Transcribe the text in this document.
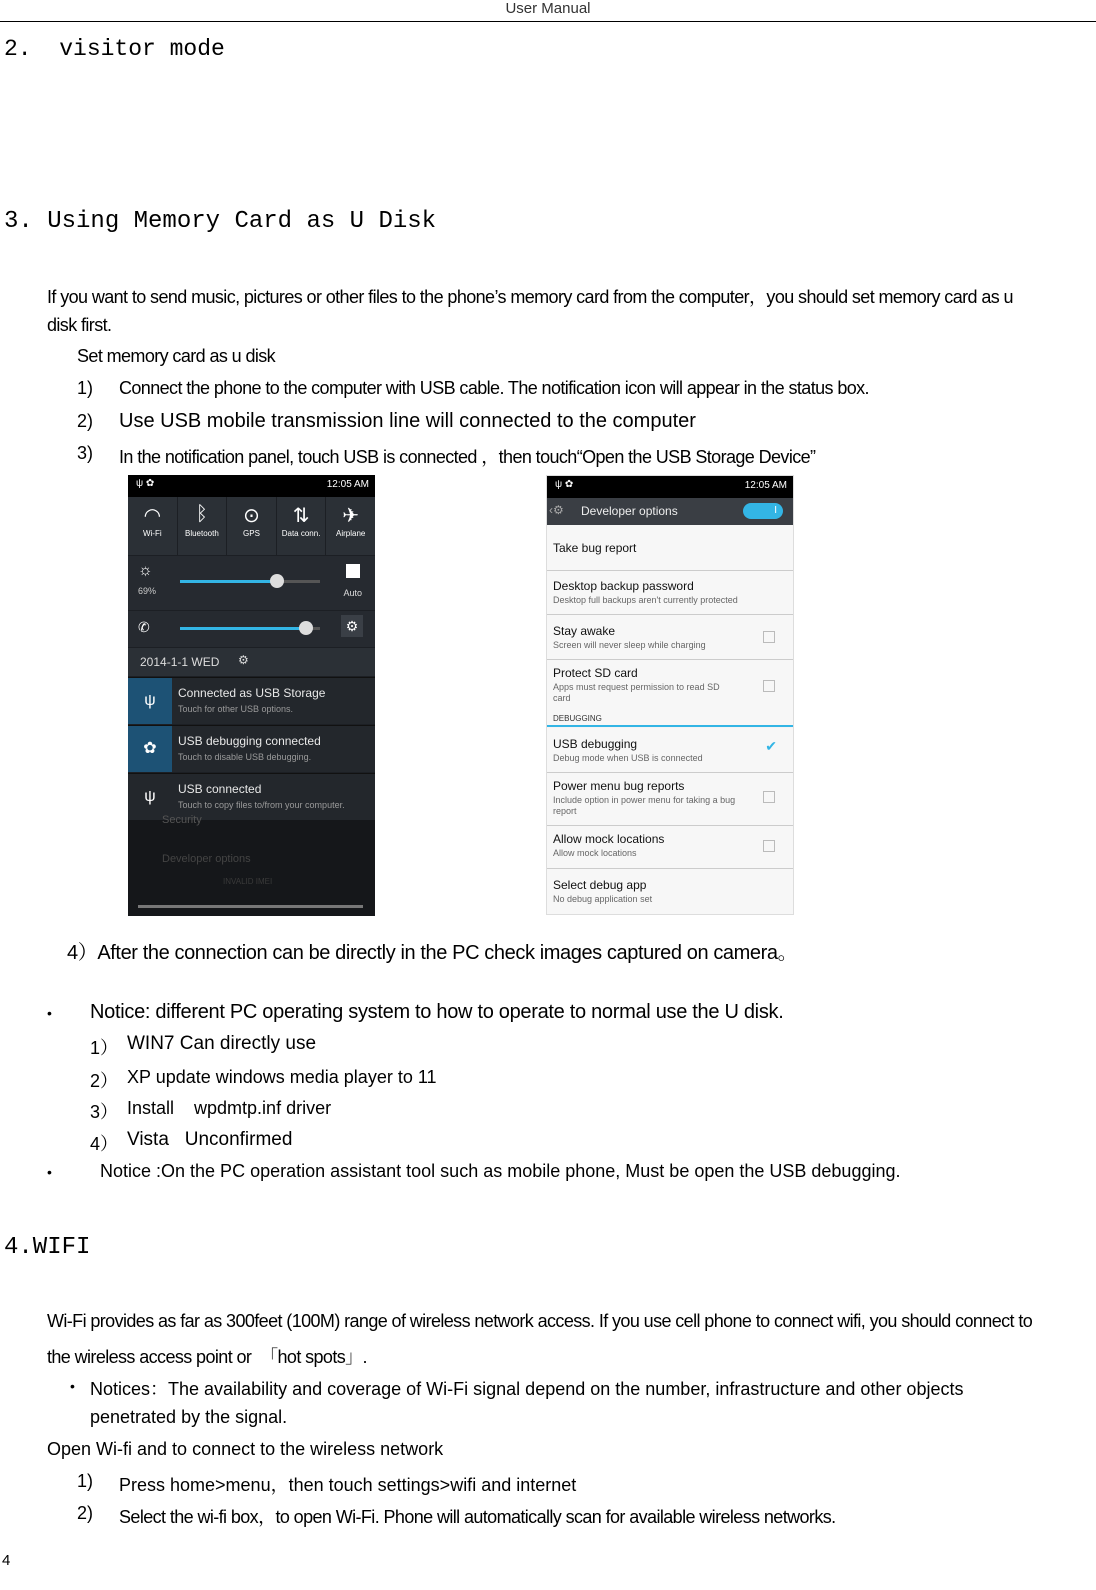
User Manual
2.  visitor mode
3. Using Memory Card as U Disk
If you want to send music, pictures or other files to the phone’s memory card from the computer，you should set memory card as u
disk first.
Set memory card as u disk
1) Connect the phone to the computer with USB cable. The notification icon will appear in the status box.
2) Use USB mobile transmission line will connected to the computer
3) In the notification panel, touch USB is connected ，then touch“Open the USB Storage Device”
ψ ✿	12:05 AM
◠
Wi-Fi
ᛒ
Bluetooth
⊙
GPS
⇅
Data conn.
✈
Airplane
☼
69%	Auto
✆	⚙
2014-1-1 WED ⚙
ψ	Connected as USB Storage
Touch for other USB options.
✿	USB debugging connected
Touch to disable USB debugging.
ψ	USB connected
Touch to copy files to/from your computer.
Security
Developer options
INVALID IMEI
ψ ✿	12:05 AM
‹⚙ Developer options	I
Take bug report
Desktop backup password
Desktop full backups aren't currently protected
Stay awake
Screen will never sleep while charging
Protect SD card
Apps must request permission to read SD card
DEBUGGING
USB debugging
Debug mode when USB is connected
✔
Power menu bug reports
Include option in power menu for taking a bug report
Allow mock locations
Allow mock locations
Select debug app
No debug application set
4）After the connection can be directly in the PC check images captured on camera。
• Notice: different PC operating system to how to operate to normal use the U disk.
1） WIN7 Can directly use
2） XP update windows media player to 11
3） Install    wpdmtp.inf driver
4） Vista   Unconfirmed
•	Notice :On the PC operation assistant tool such as mobile phone, Must be open the USB debugging.
4.WIFI
Wi-Fi provides as far as 300feet (100M) range of wireless network access. If you use cell phone to connect wifi, you should connect to
the wireless access point or  「hot spots」.
• Notices：The availability and coverage of Wi-Fi signal depend on the number, infrastructure and other objects
penetrated by the signal.
Open Wi-fi and to connect to the wireless network
1) Press home>menu，then touch settings>wifi and internet
2) Select the wi-fi box，to open Wi-Fi. Phone will automatically scan for available wireless networks.
4
